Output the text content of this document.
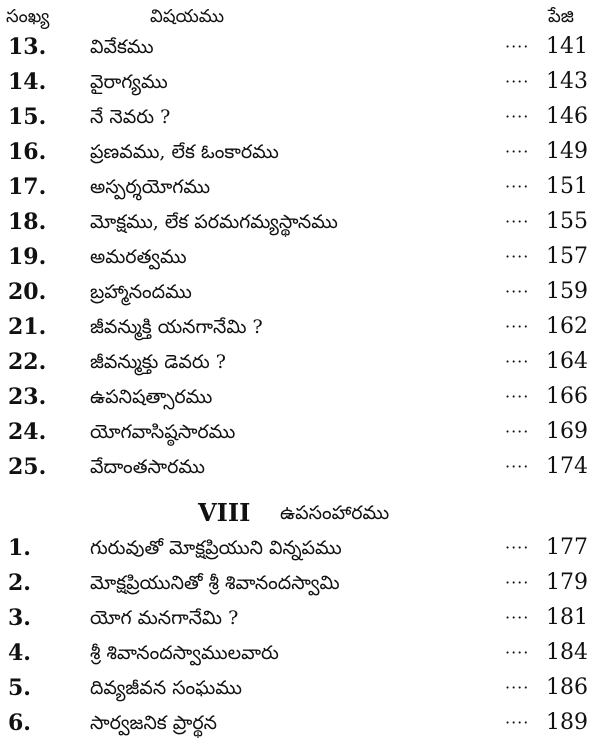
సంఖ్య	విషయము	పేజి
13. వివేకము	···· 141
14. వైరాగ్యము	···· 143
15. నే నెవరు ?	···· 146
16. ప్రణవము, లేక ఓంకారము	···· 149
17. అస్పర్శయోగము	···· 151
18. మోక్షము, లేక పరమగమ్యస్థానము	···· 155
19. అమరత్వము	···· 157
20. బ్రహ్మానందము	···· 159
21. జీవన్ముక్తి యనగానేమి ?	···· 162
22. జీవన్ముక్తు డెవరు ?	···· 164
23. ఉపనిషత్సారము	···· 166
24. యోగవాసిష్ఠసారము	···· 169
25. వేదాంతసారము	···· 174
VIII ఉపసంహారము
1.	గురువుతో మోక్షప్రియుని విన్నపము	···· 177
2.	మోక్షప్రియునితో శ్రీ శివానందస్వామి	···· 179
3.	యోగ మనగానేమి ?	···· 181
4.	శ్రీ శివానందస్వాములవారు	···· 184
5.	దివ్యజీవన సంఘము	···· 186
6.	సార్వజనిక ప్రార్థన	···· 189
